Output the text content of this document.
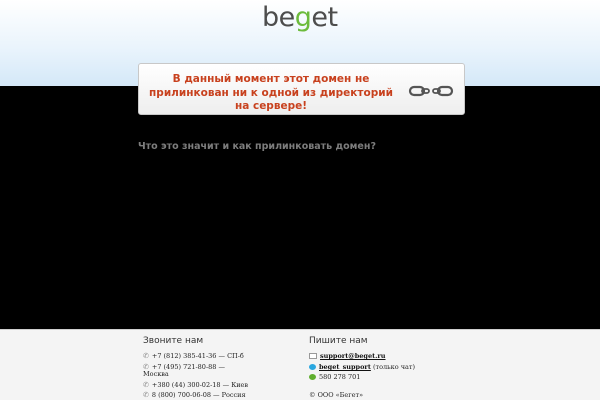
beget
В данный момент этот домен не прилинкован ни к одной из директорий на сервере!
Что это значит и как прилинковать домен?
Звоните нам	Пишите нам
✆ +7 (812) 385-41-36 — СП-б
✆ +7 (495) 721-80-88 —
Москва
✆ +380 (44) 300-02-18 — Киев
✆ 8 (800) 700-06-08 — Россия
support@beget.ru
beget_support (только чат)
580 278 701
© ООО «Бегет»
